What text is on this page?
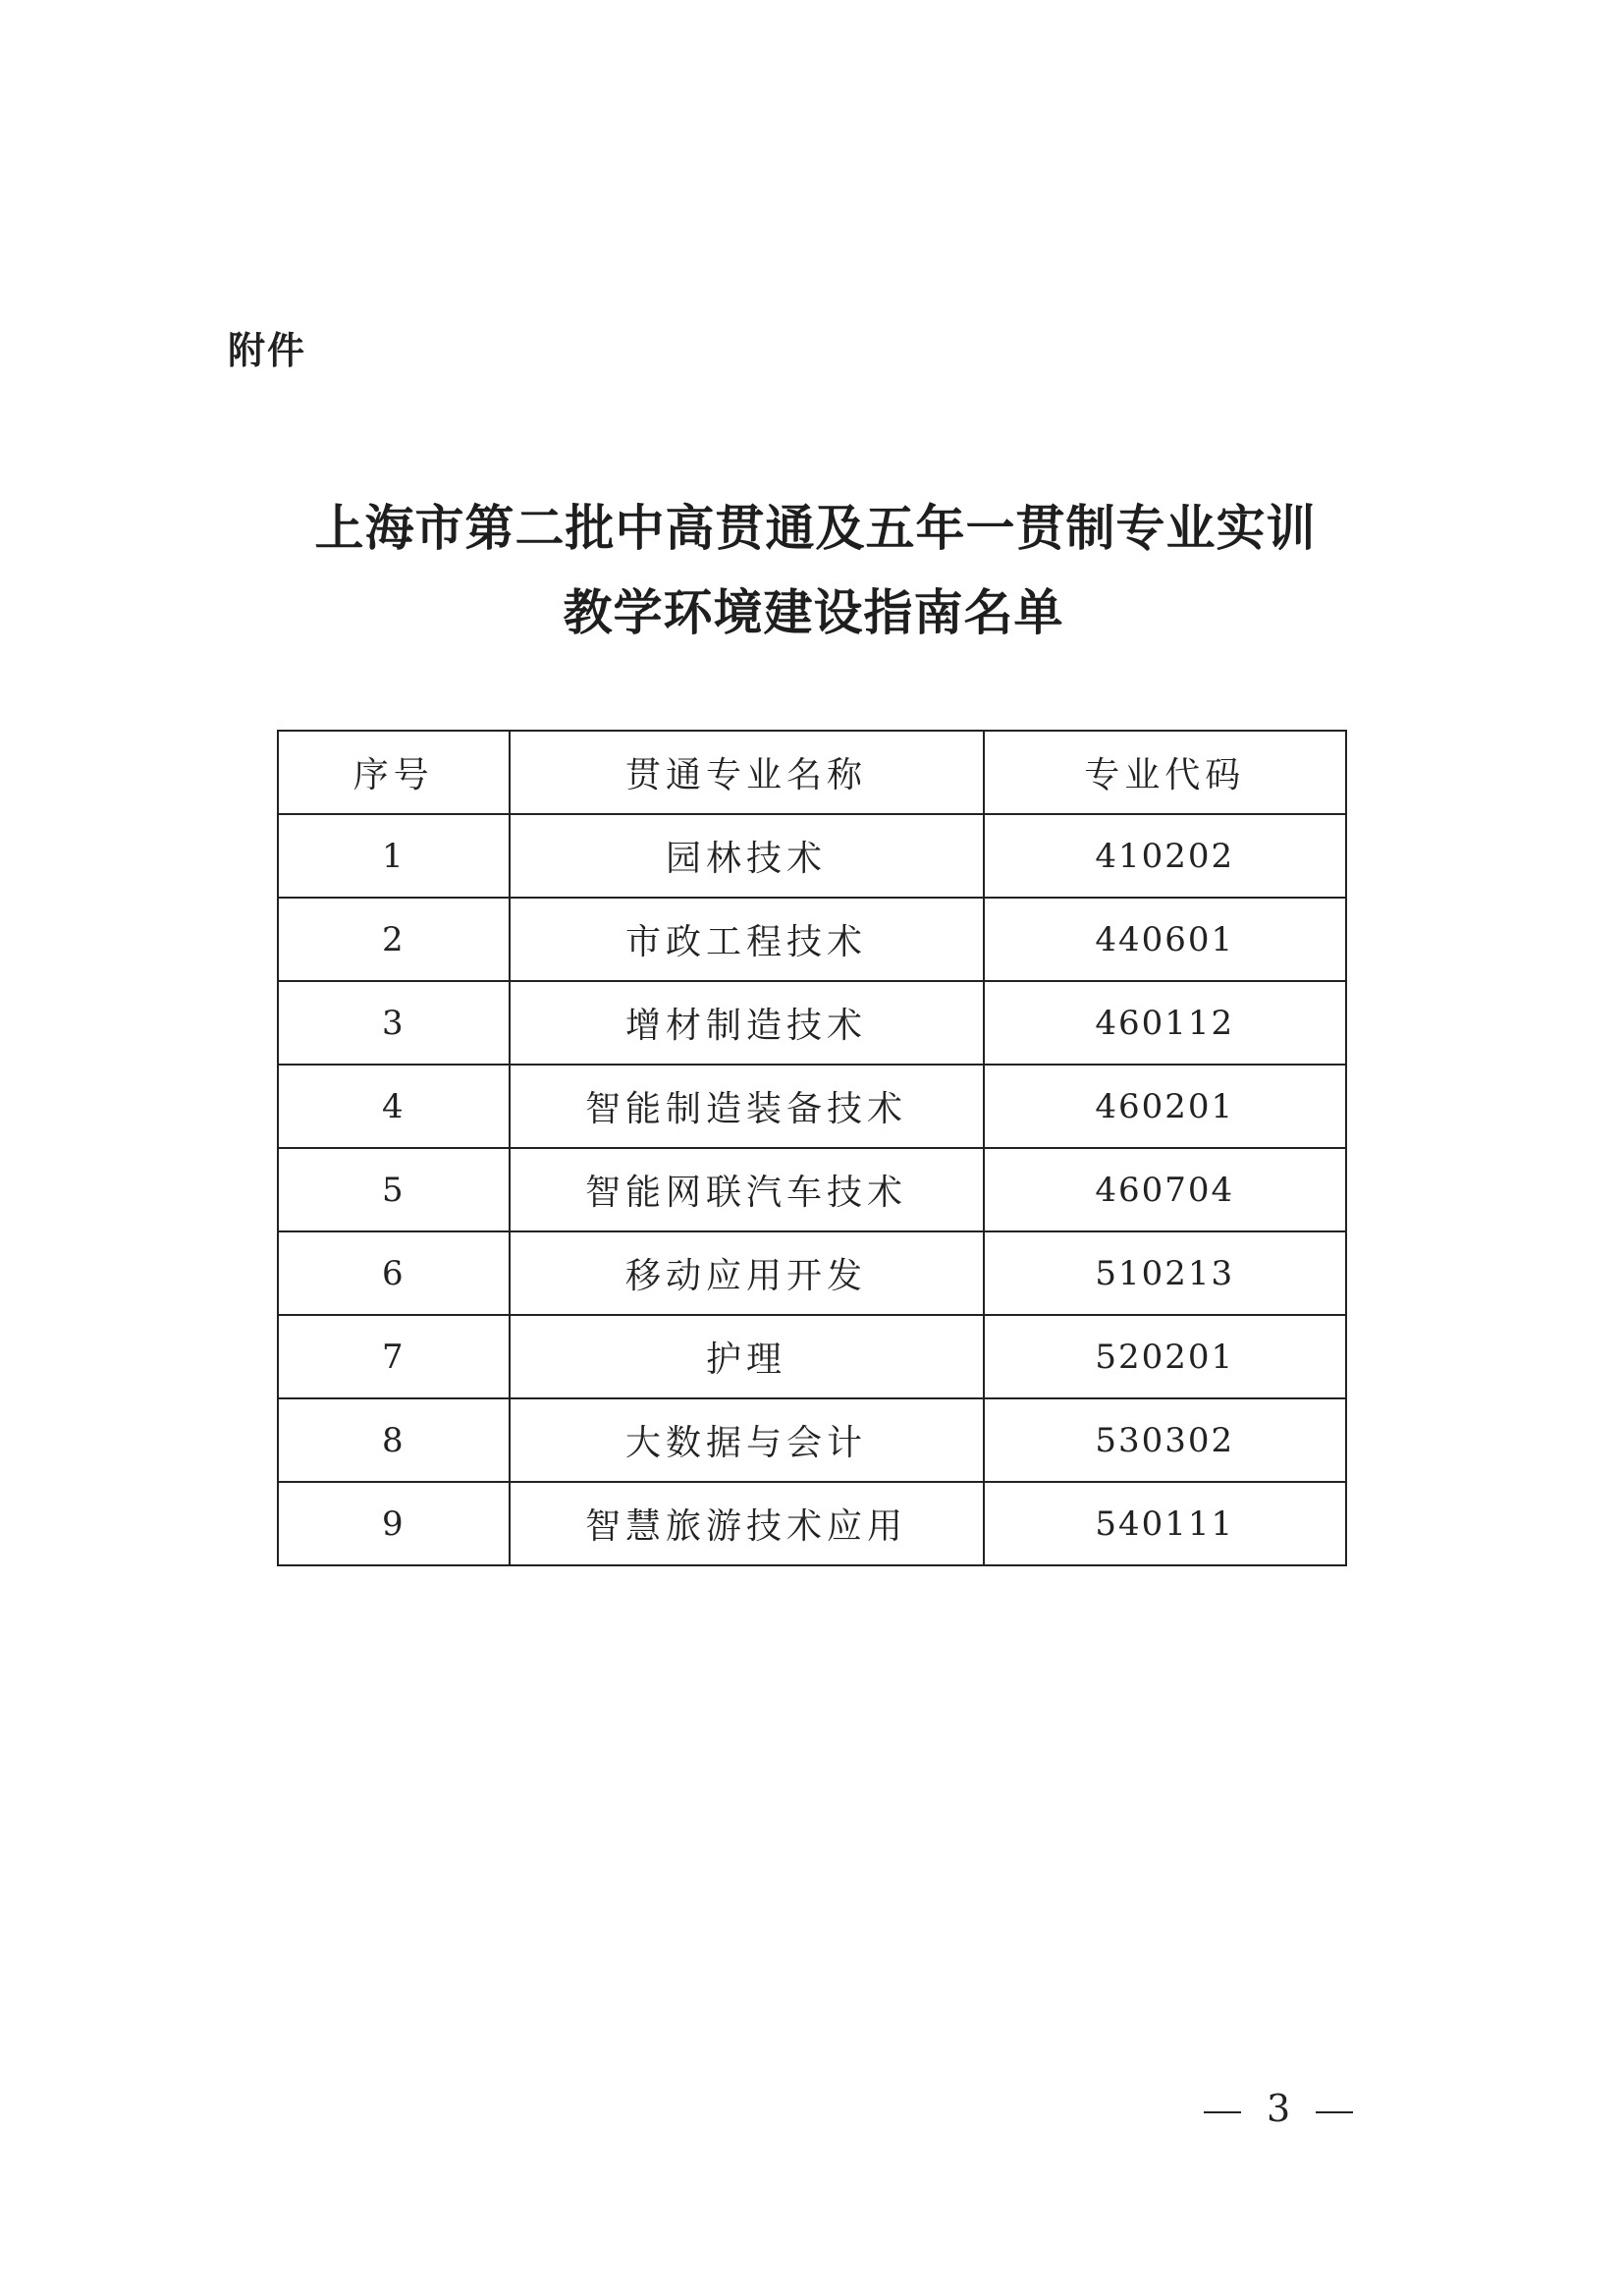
附件
上海市第二批中高贯通及五年一贯制专业实训
教学环境建设指南名单
序号	贯通专业名称	专业代码
1	园林技术	410202
2	市政工程技术	440601
3	增材制造技术	460112
4	智能制造装备技术	460201
5	智能网联汽车技术	460704
6	移动应用开发	510213
7	护理	520201
8	大数据与会计	530302
9	智慧旅游技术应用	540111
3
